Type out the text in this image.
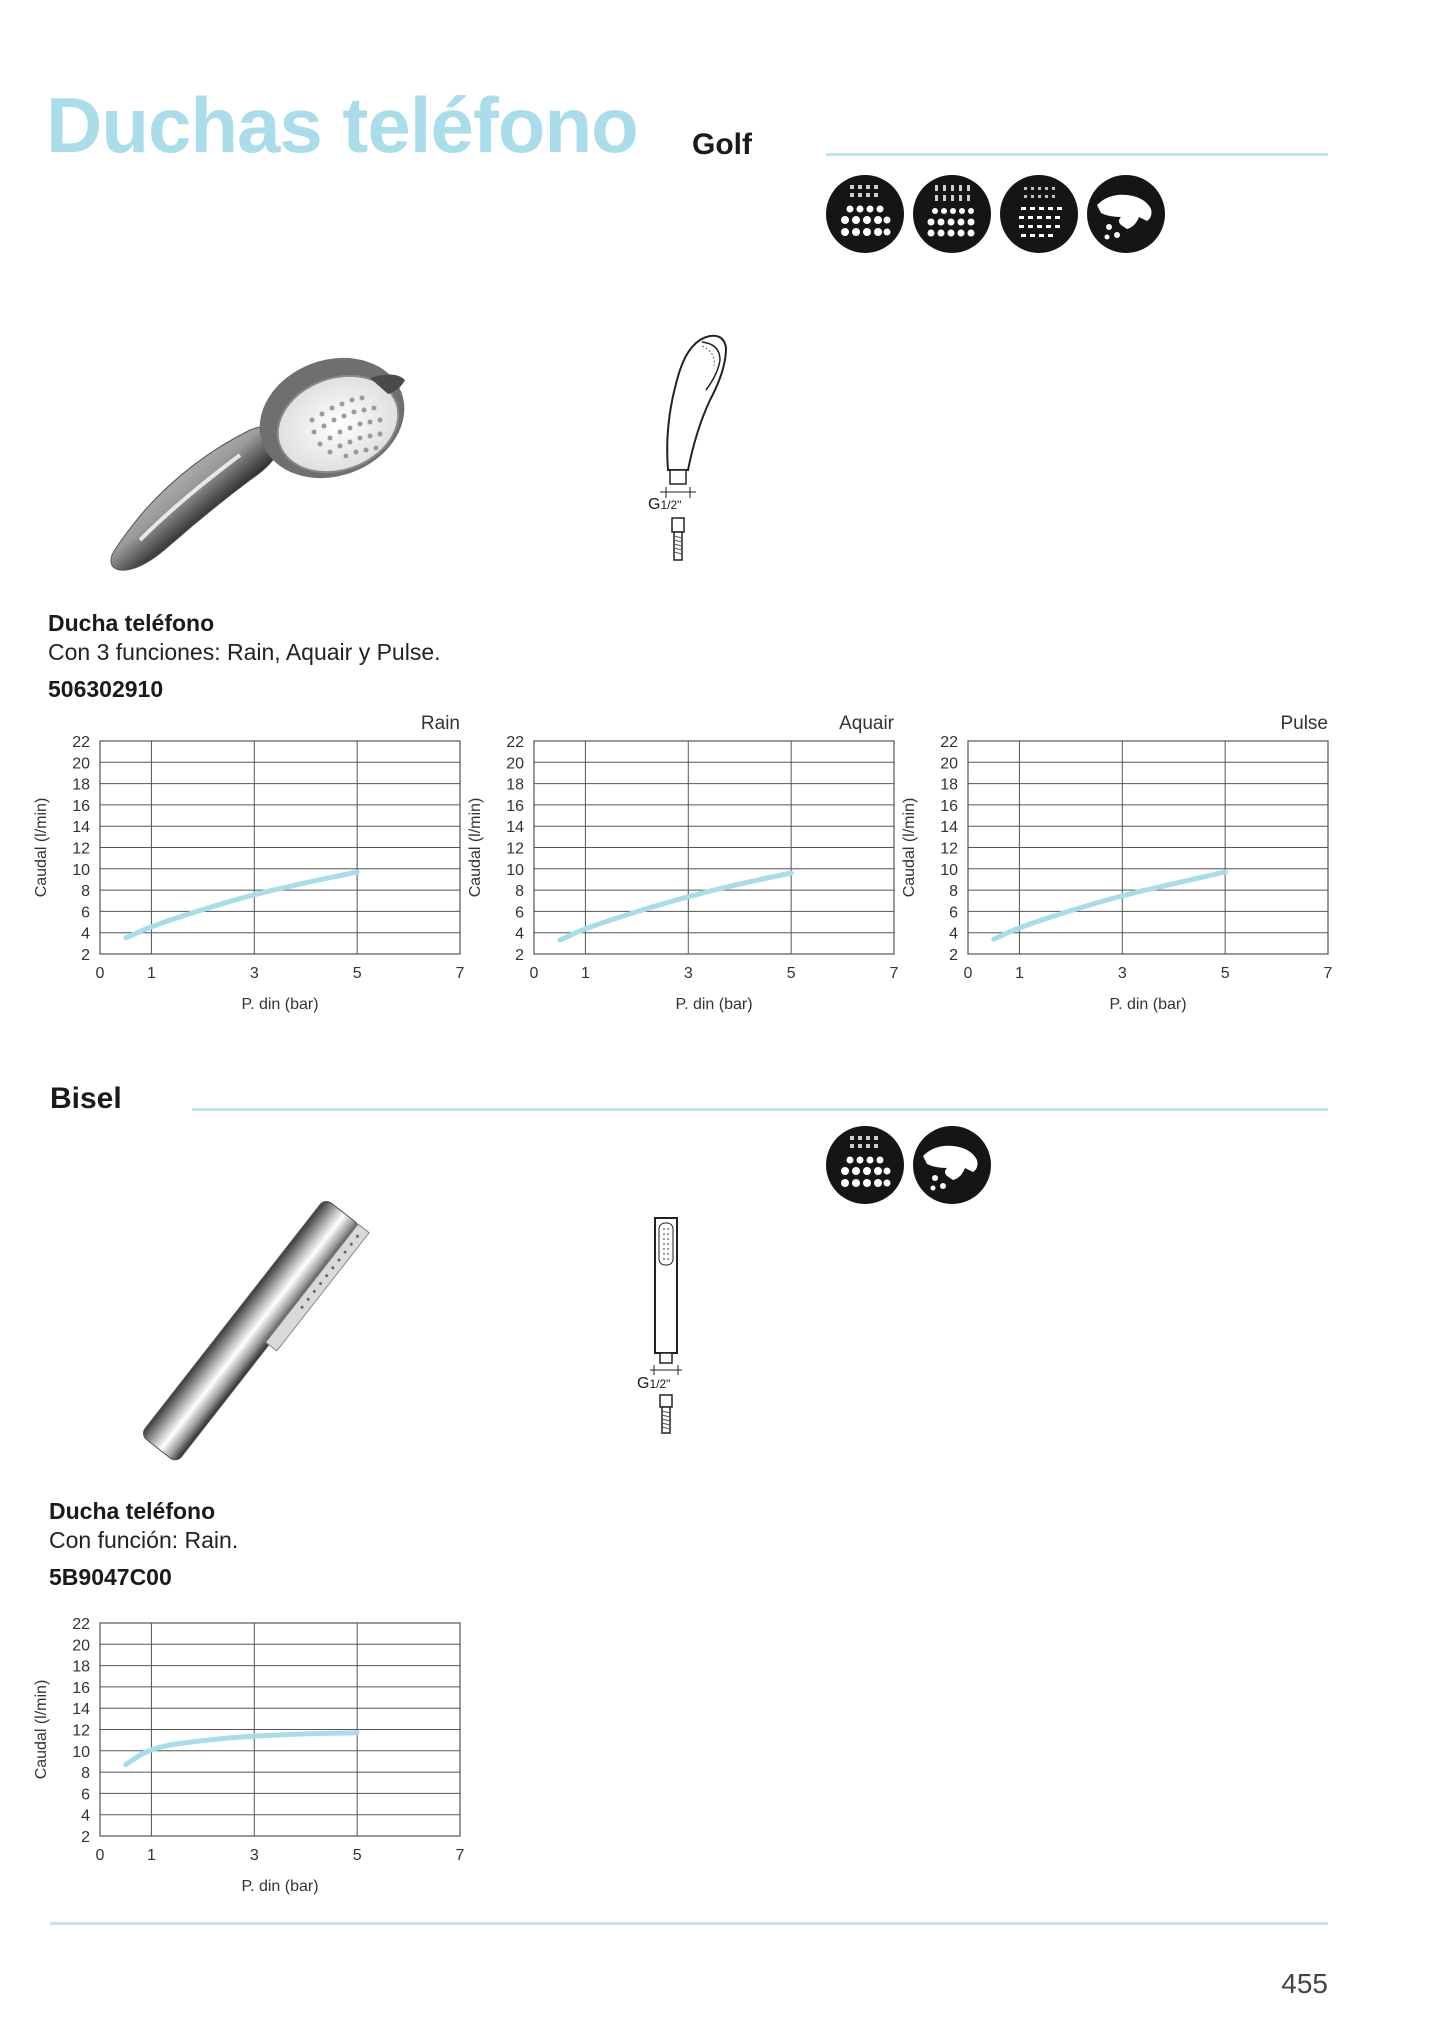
Duchas teléfono Golf
G1/2"
Ducha teléfono
Con 3 funciones: Rain, Aquair y Pulse.
506302910
2
4
6
8
10
12
14
16
18
20
22
0	1	3	5	7
Rain
P. din (bar)
Caudal (l/min)
2
4
6
8
10
12
14
16
18
20
22
0	1	3	5	7
Aquair
P. din (bar)
Caudal (l/min)
2
4
6
8
10
12
14
16
18
20
22
0	1	3	5	7
Pulse
P. din (bar)
Caudal (l/min)
Bisel
G1/2"
Ducha teléfono
Con función: Rain.
5B9047C00
2
4
6
8
10
12
14
16
18
20
22
0	1	3	5	7
P. din (bar)
Caudal (l/min)
455
